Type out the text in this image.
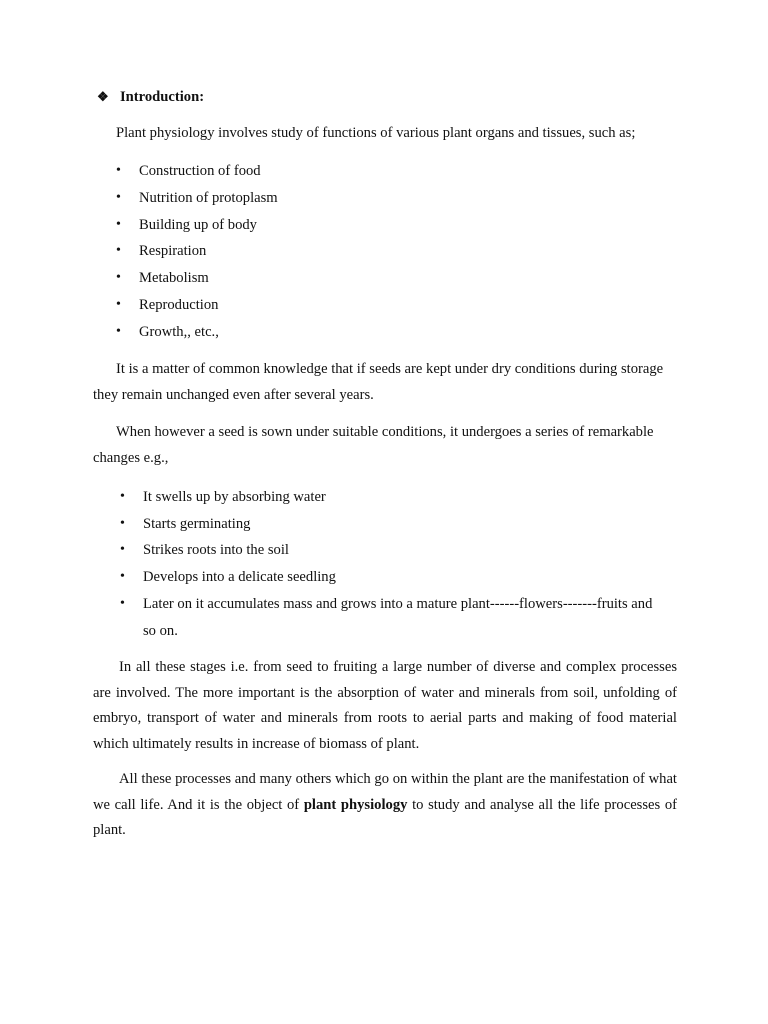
❖ Introduction:

Plant physiology involves study of functions of various plant organs and tissues, such as;

• Construction of food
• Nutrition of protoplasm
• Building up of body
• Respiration
• Metabolism
• Reproduction
• Growth,, etc.,

It is a matter of common knowledge that if seeds are kept under dry conditions during storage they remain unchanged even after several years.

When however a seed is sown under suitable conditions, it undergoes a series of remarkable changes e.g.,

• It swells up by absorbing water
• Starts germinating
• Strikes roots into the soil
• Develops into a delicate seedling
• Later on it accumulates mass and grows into a mature plant------flowers-------fruits and so on.

In all these stages i.e. from seed to fruiting a large number of diverse and complex processes are involved. The more important is the absorption of water and minerals from soil, unfolding of embryo, transport of water and minerals from roots to aerial parts and making of food material which ultimately results in increase of biomass of plant.

All these processes and many others which go on within the plant are the manifestation of what we call life. And it is the object of plant physiology to study and analyse all the life processes of plant.
